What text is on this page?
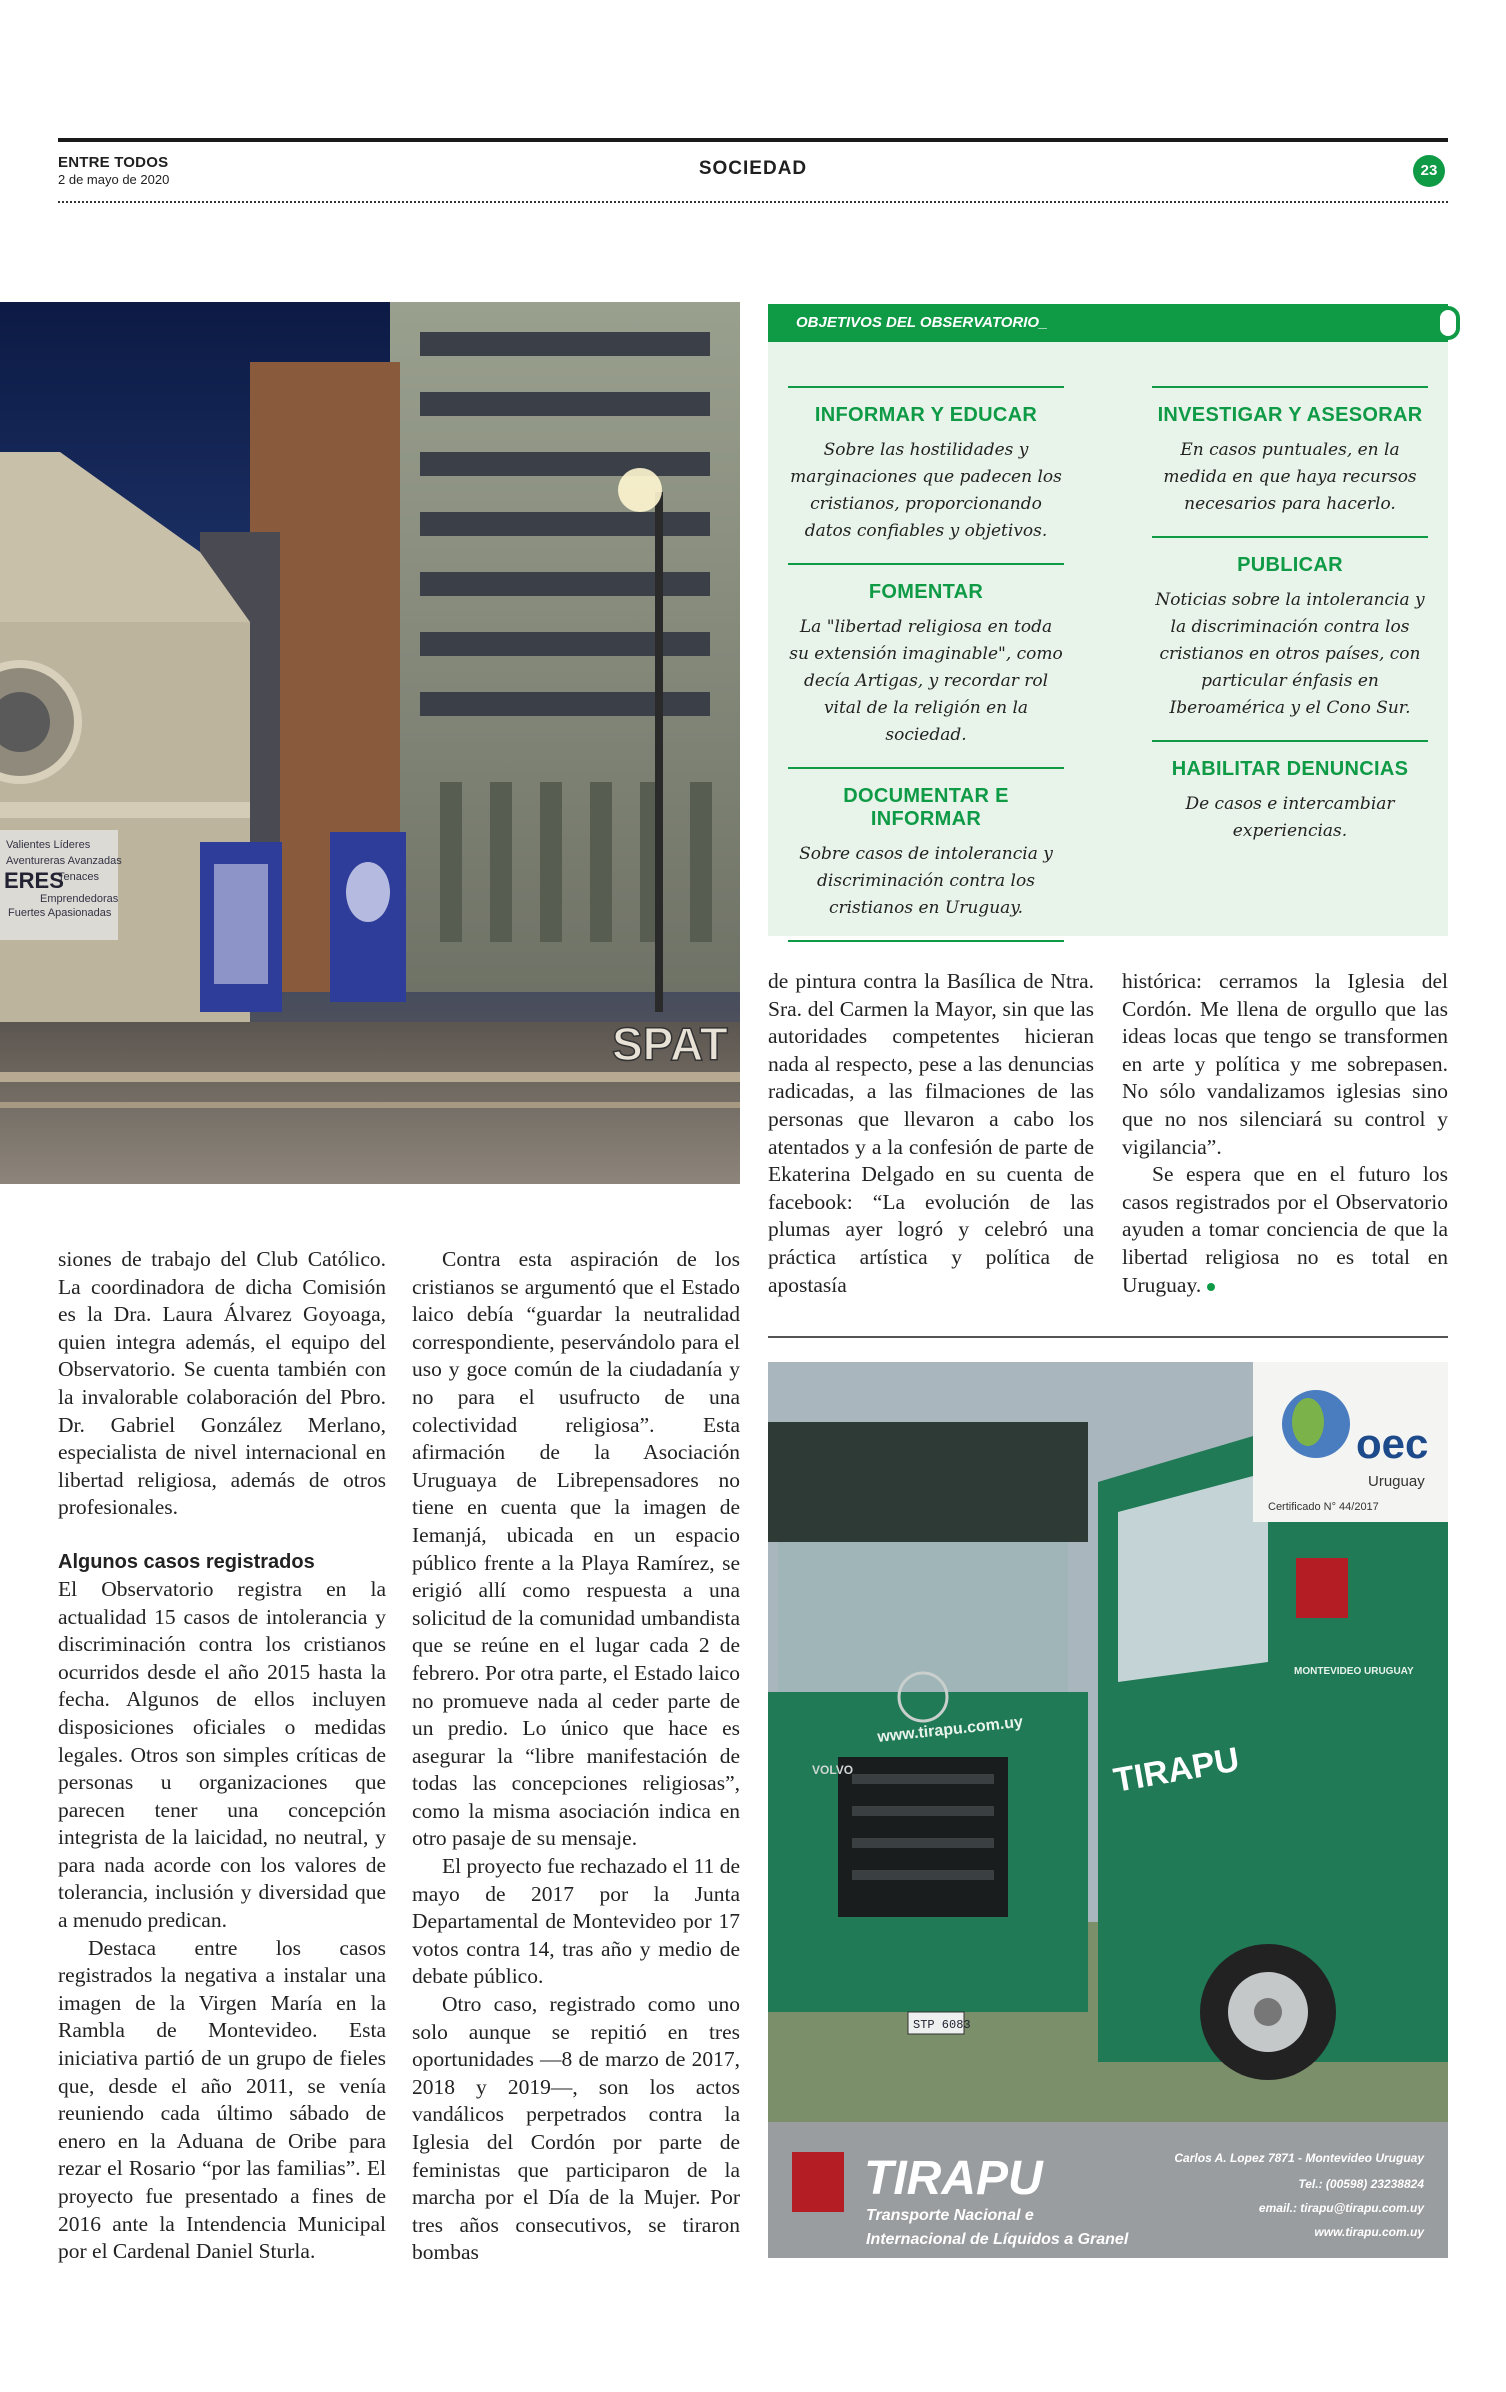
ENTRE TODOS
2 de mayo de 2020
SOCIEDAD	23
Valientes Líderes
Aventureras Avanzadas
ERES
Tenaces
Emprendedoras
Fuertes Apasionadas
SPAT
OBJETIVOS DEL OBSERVATORIO_
INFORMAR Y EDUCAR

Sobre las hostilidades y marginaciones que padecen los cristianos, proporcionando datos confiables y objetivos.

FOMENTAR

La "libertad religiosa en toda su extensión imaginable", como decía Artigas, y recordar rol vital de la religión en la sociedad.

DOCUMENTAR E INFORMAR

Sobre casos de intolerancia y discriminación contra los cristianos en Uruguay.

INVESTIGAR Y ASESORAR

En casos puntuales, en la medida en que haya recursos necesarios para hacerlo.

PUBLICAR

Noticias sobre la intolerancia y la discriminación contra los cristianos en otros países, con particular énfasis en Iberoamérica y el Cono Sur.

HABILITAR DENUNCIAS

De casos e intercambiar experiencias.

siones de trabajo del Club Católico. La coordinadora de dicha Comisión es la Dra. Laura Álvarez Goyoaga, quien integra además, el equipo del Observatorio. Se cuenta también con la invalorable colaboración del Pbro. Dr. Gabriel González Merlano, especialista de nivel internacional en libertad religiosa, además de otros profesionales.

Algunos casos registrados

El Observatorio registra en la actualidad 15 casos de intolerancia y discriminación contra los cristianos ocurridos desde el año 2015 hasta la fecha. Algunos de ellos incluyen disposiciones oficiales o medidas legales. Otros son simples críticas de personas u organizaciones que parecen tener una concepción integrista de la laicidad, no neutral, y para nada acorde con los valores de tolerancia, inclusión y diversidad que a menudo predican.

Destaca entre los casos registrados la negativa a instalar una imagen de la Virgen María en la Rambla de Montevideo. Esta iniciativa partió de un grupo de fieles que, desde el año 2011, se venía reuniendo cada último sábado de enero en la Aduana de Oribe para rezar el Rosario “por las familias”. El proyecto fue presentado a fines de 2016 ante la Intendencia Municipal por el Cardenal Daniel Sturla.

Contra esta aspiración de los cristianos se argumentó que el Estado laico debía “guardar la neutralidad correspondiente, peservándolo para el uso y goce común de la ciudadanía y no para el usufructo de una colectividad religiosa”. Esta afirmación de la Asociación Uruguaya de Librepensadores no tiene en cuenta que la imagen de Iemanjá, ubicada en un espacio público frente a la Playa Ramírez, se erigió allí como respuesta a una solicitud de la comunidad umbandista que se reúne en el lugar cada 2 de febrero. Por otra parte, el Estado laico no promueve nada al ceder parte de un predio. Lo único que hace es asegurar la “libre manifestación de todas las concepciones religiosas”, como la misma asociación indica en otro pasaje de su mensaje.

El proyecto fue rechazado el 11 de mayo de 2017 por la Junta Departamental de Montevideo por 17 votos contra 14, tras año y medio de debate público.

Otro caso, registrado como uno solo aunque se repitió en tres oportunidades —8 de marzo de 2017, 2018 y 2019—, son los actos vandálicos perpetrados contra la Iglesia del Cordón por parte de feministas que participaron de la marcha por el Día de la Mujer. Por tres años consecutivos, se tiraron bombas

de pintura contra la Basílica de Ntra. Sra. del Carmen la Mayor, sin que las autoridades competentes hicieran nada al respecto, pese a las denuncias radicadas, a las filmaciones de las personas que llevaron a cabo los atentados y a la confesión de parte de Ekaterina Delgado en su cuenta de facebook: “La evolución de las plumas ayer logró y celebró una práctica artística y política de apostasía

histórica: cerramos la Iglesia del Cordón. Me llena de orgullo que las ideas locas que tengo se transformen en arte y política y me sobrepasen. No sólo vandalizamos iglesias sino que no nos silenciará su control y vigilancia”.

Se espera que en el futuro los casos registrados por el Observatorio ayuden a tomar conciencia de que la libertad religiosa no es total en Uruguay.

www.tirapu.com.uy
VOLVO
STP 6083
TIRAPU
MONTEVIDEO URUGUAY
oec
Uruguay
Certificado N° 44/2017
TIRAPU
Transporte Nacional e
Internacional de Líquidos a Granel
Carlos A. Lopez 7871 - Montevideo Uruguay
Tel.: (00598) 23238824
email.: tirapu@tirapu.com.uy
www.tirapu.com.uy
